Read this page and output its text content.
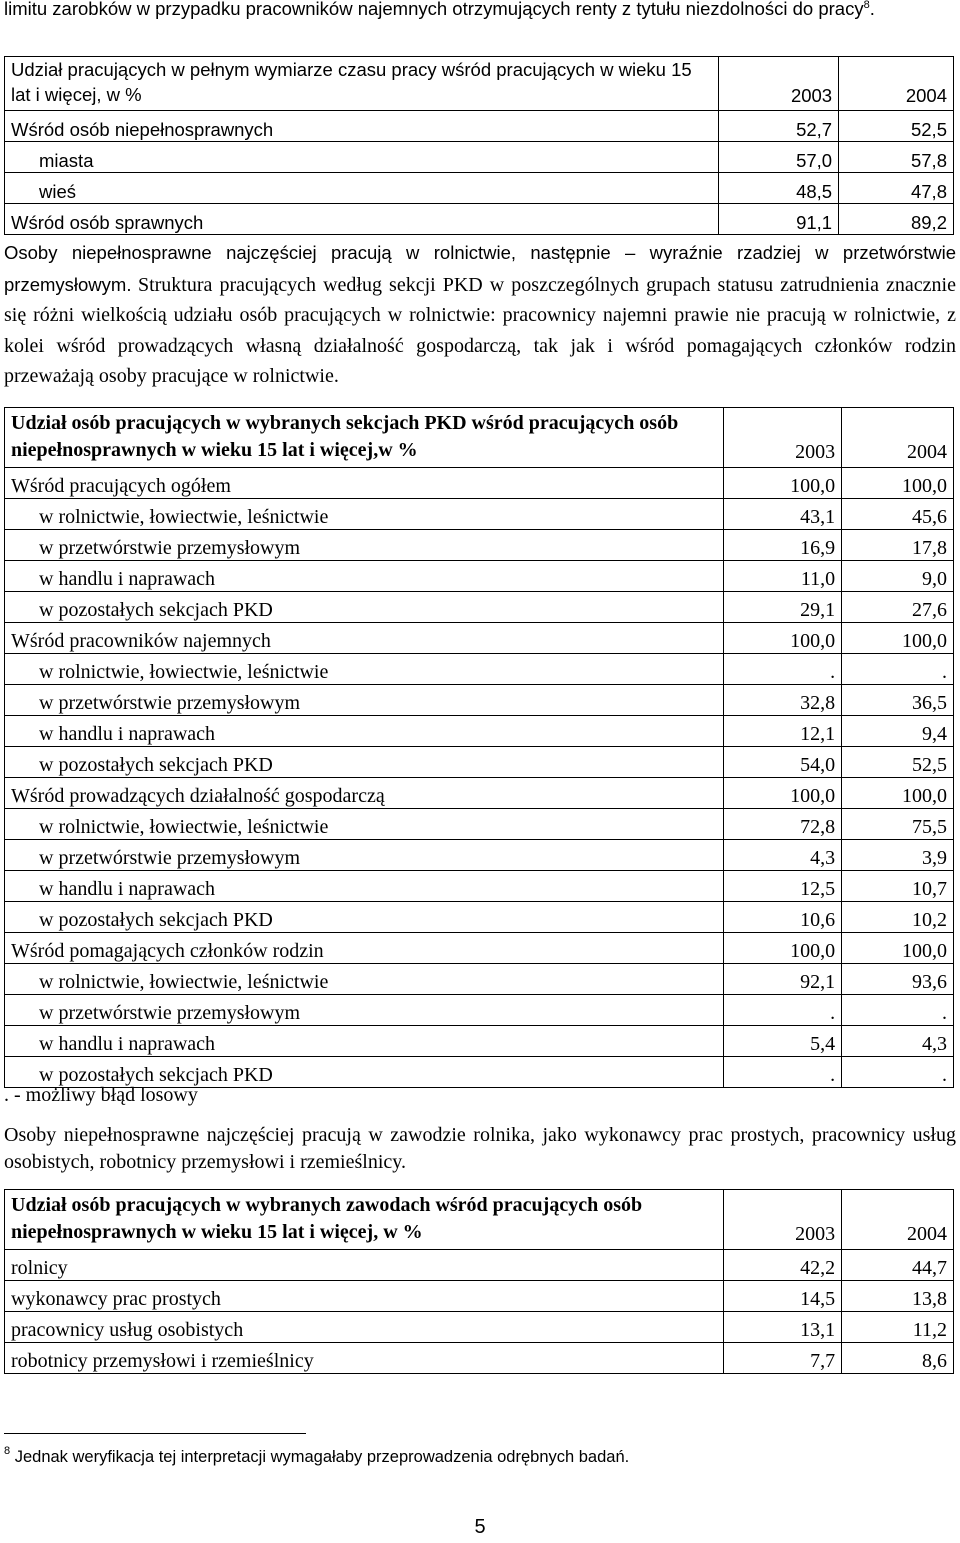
limitu zarobków w przypadku pracowników najemnych otrzymujących renty z tytułu niezdolności do pracy$^8$.

Udział pracujących w pełnym wymiarze czasu pracy wśród pracujących w wieku 15 lat i więcej, w %	2003	2004
Wśród osób niepełnosprawnych	52,7	52,5
miasta	57,0	57,8
wieś	48,5	47,8
Wśród osób sprawnych	91,1	89,2

Osoby niepełnosprawne najczęściej pracują w rolnictwie, następnie – wyraźnie rzadziej w przetwórstwie przemysłowym. Struktura pracujących według sekcji PKD w poszczególnych grupach statusu zatrudnienia znacznie się różni wielkością udziału osób pracujących w rolnictwie: pracownicy najemni prawie nie pracują w rolnictwie, z kolei wśród prowadzących własną działalność gospodarczą, tak jak i wśród pomagających członków rodzin przeważają osoby pracujące w rolnictwie.

Udział osób pracujących w wybranych sekcjach PKD wśród pracujących osób niepełnosprawnych w wieku 15 lat i więcej,w %	2003	2004
Wśród pracujących ogółem	100,0	100,0
w rolnictwie, łowiectwie, leśnictwie	43,1	45,6
w przetwórstwie przemysłowym	16,9	17,8
w handlu i naprawach	11,0	9,0
w pozostałych sekcjach PKD	29,1	27,6
Wśród pracowników najemnych	100,0	100,0
w rolnictwie, łowiectwie, leśnictwie	.	.
w przetwórstwie przemysłowym	32,8	36,5
w handlu i naprawach	12,1	9,4
w pozostałych sekcjach PKD	54,0	52,5
Wśród prowadzących działalność gospodarczą	100,0	100,0
w rolnictwie, łowiectwie, leśnictwie	72,8	75,5
w przetwórstwie przemysłowym	4,3	3,9
w handlu i naprawach	12,5	10,7
w pozostałych sekcjach PKD	10,6	10,2
Wśród pomagających członków rodzin	100,0	100,0
w rolnictwie, łowiectwie, leśnictwie	92,1	93,6
w przetwórstwie przemysłowym	.	.
w handlu i naprawach	5,4	4,3
w pozostałych sekcjach PKD	.	.

. - możliwy błąd losowy

Osoby niepełnosprawne najczęściej pracują w zawodzie rolnika, jako wykonawcy prac prostych, pracownicy usług osobistych, robotnicy przemysłowi i rzemieślnicy.

Udział osób pracujących w wybranych zawodach wśród pracujących osób niepełnosprawnych w wieku 15 lat i więcej, w %	2003	2004
rolnicy	42,2	44,7
wykonawcy prac prostych	14,5	13,8
pracownicy usług osobistych	13,1	11,2
robotnicy przemysłowi i rzemieślnicy	7,7	8,6
$^8$ Jednak weryfikacja tej interpretacji wymagałaby przeprowadzenia odrębnych badań.
5
